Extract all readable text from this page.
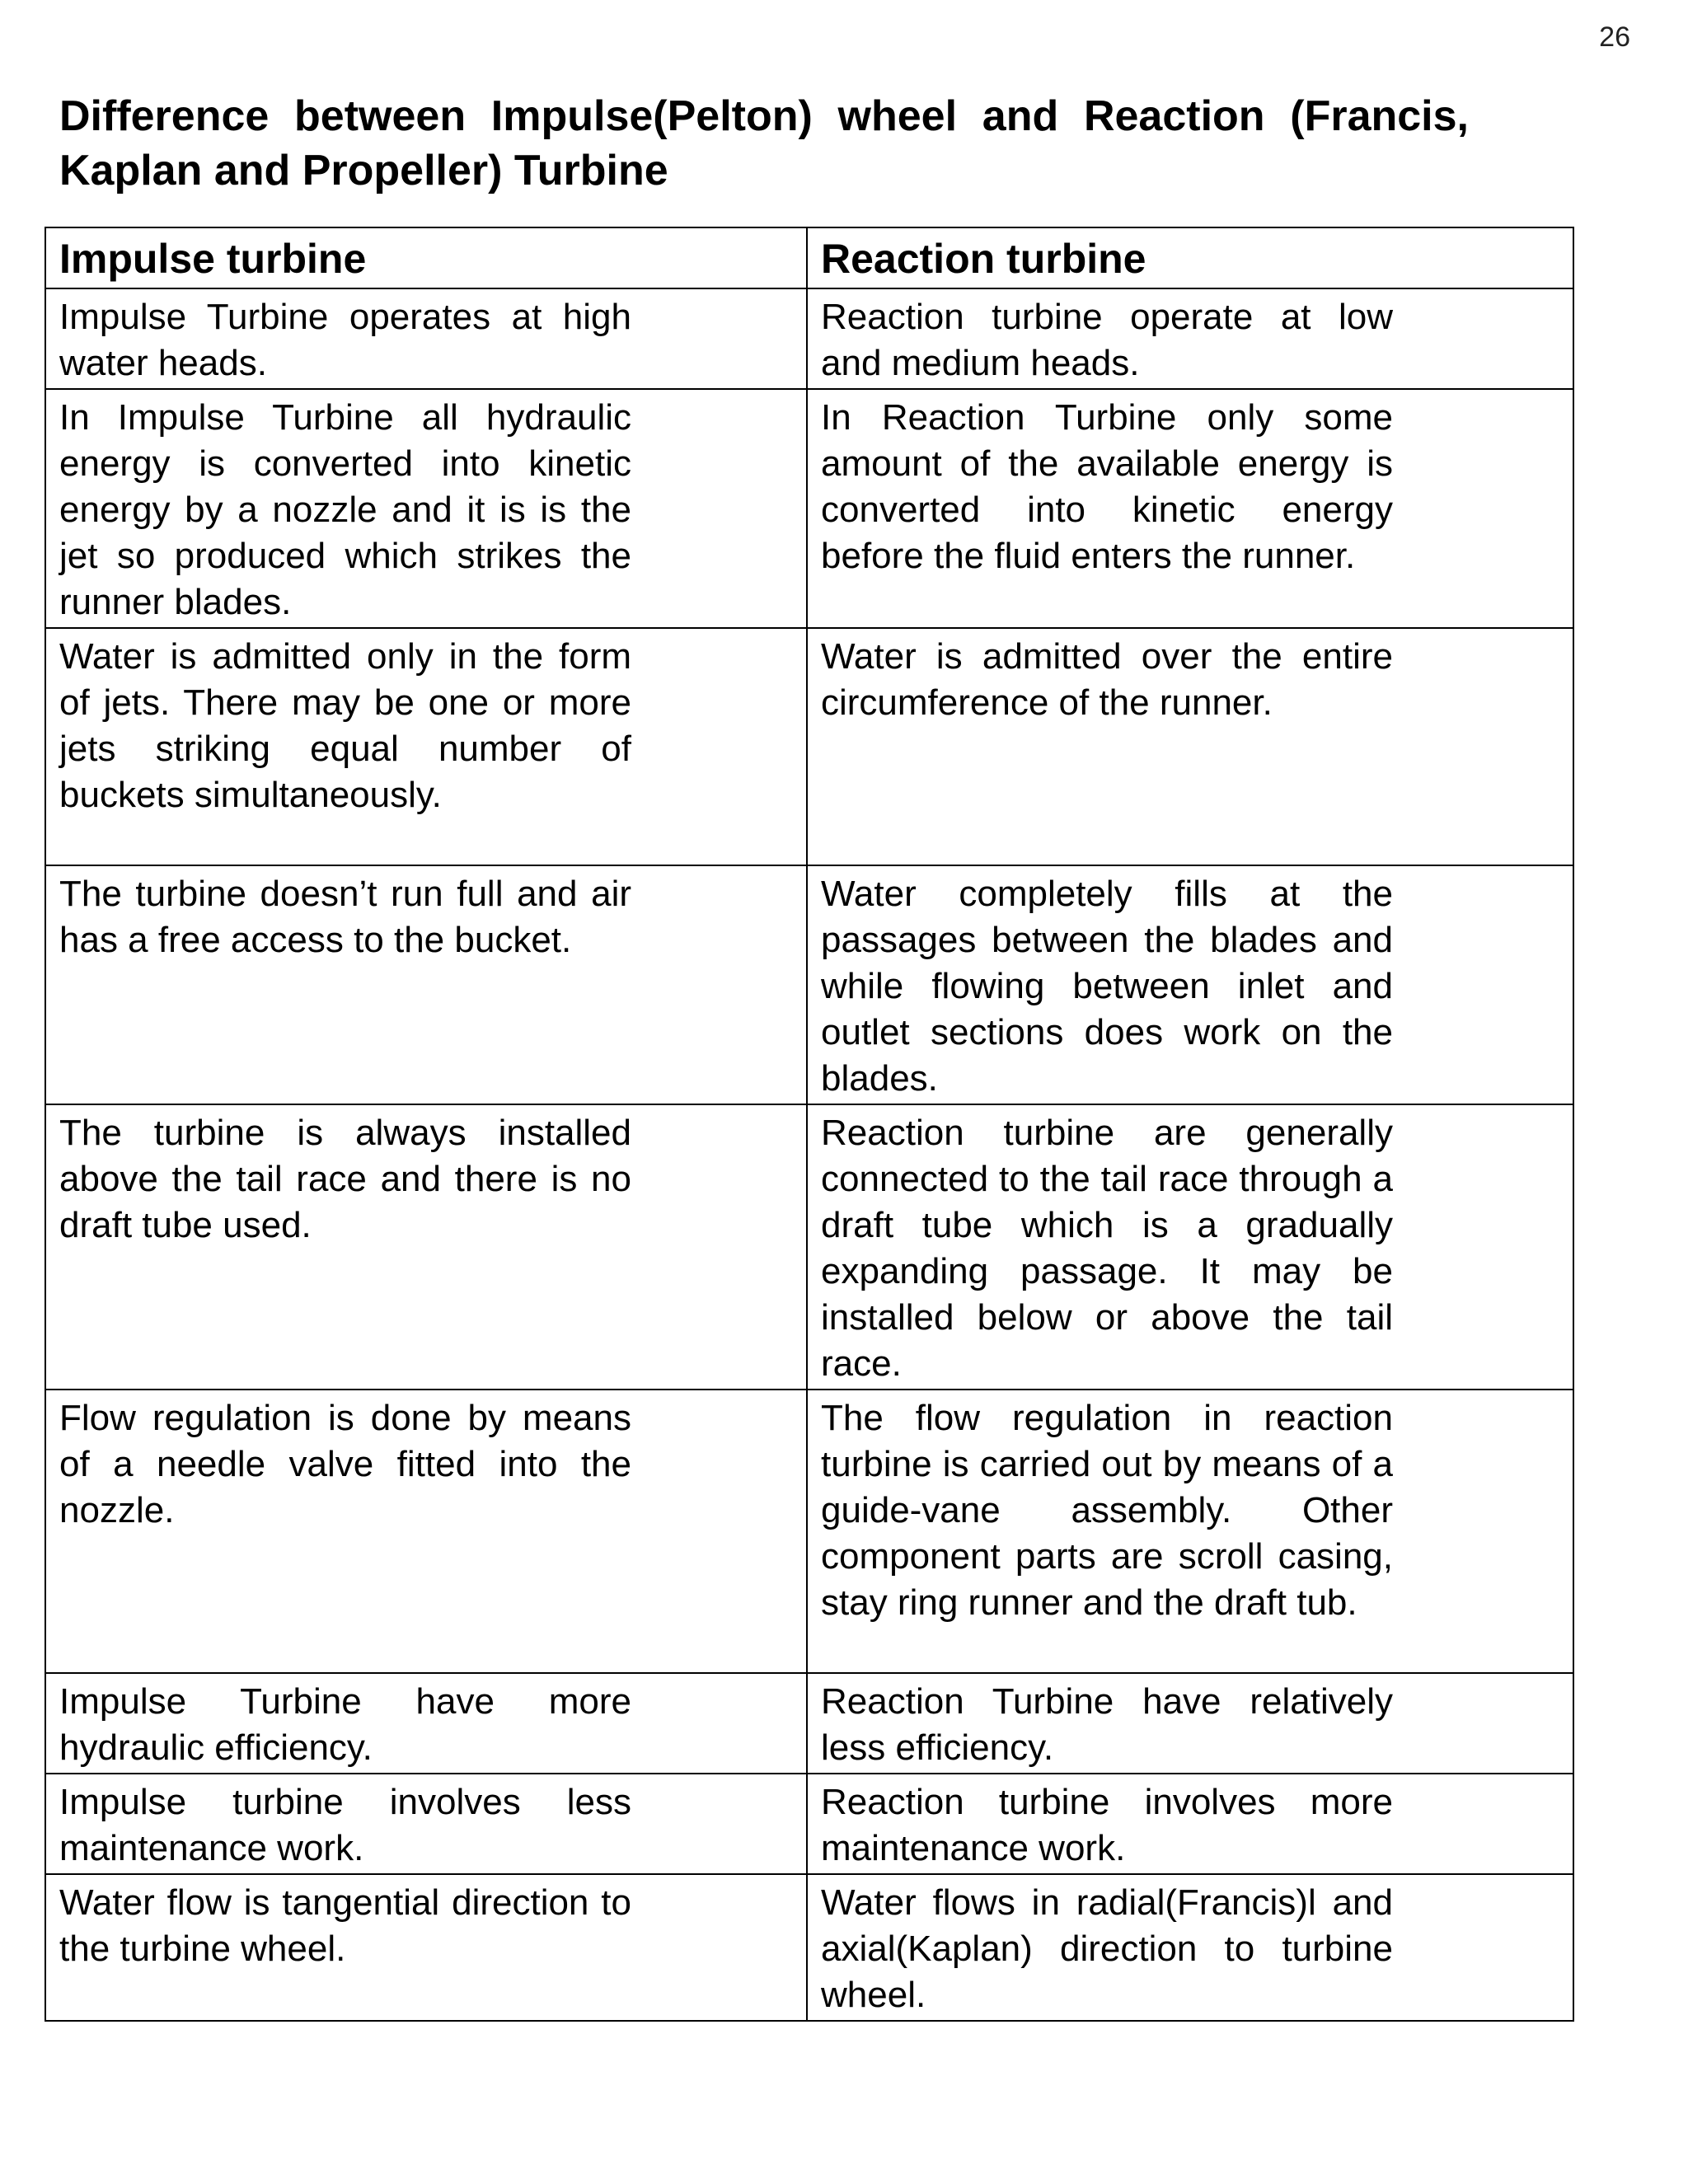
26
Difference between Impulse(Pelton) wheel and Reaction (Francis, Kaplan and Propeller) Turbine
Impulse turbine	Reaction turbine

Impulse Turbine operates at high water heads.	Reaction turbine operate at low and medium heads.

In Impulse Turbine all hydraulic energy is converted into kinetic energy by a nozzle and it is is the jet so produced which strikes the runner blades.	In Reaction Turbine only some amount of the available energy is converted into kinetic energy before the fluid enters the runner.

Water is admitted only in the form of jets. There may be one or more jets striking equal number of buckets simultaneously.	Water is admitted over the entire circumference of the runner.

The turbine doesn’t run full and air has a free access to the bucket.	Water completely fills at the passages between the blades and while flowing between inlet and outlet sections does work on the blades.

The turbine is always installed above the tail race and there is no draft tube used.	Reaction turbine are generally connected to the tail race through a draft tube which is a gradually expanding passage. It may be installed below or above the tail race.

Flow regulation is done by means of a needle valve fitted into the nozzle.	The flow regulation in reaction turbine is carried out by means of a guide-vane assembly. Other component parts are scroll casing, stay ring runner and the draft tub.

Impulse Turbine have more hydraulic efficiency.	Reaction Turbine have relatively less efficiency.

Impulse turbine involves less maintenance work.	Reaction turbine involves more maintenance work.

Water flow is tangential direction to the turbine wheel.	Water flows in radial(Francis)l and axial(Kaplan) direction to turbine wheel.
